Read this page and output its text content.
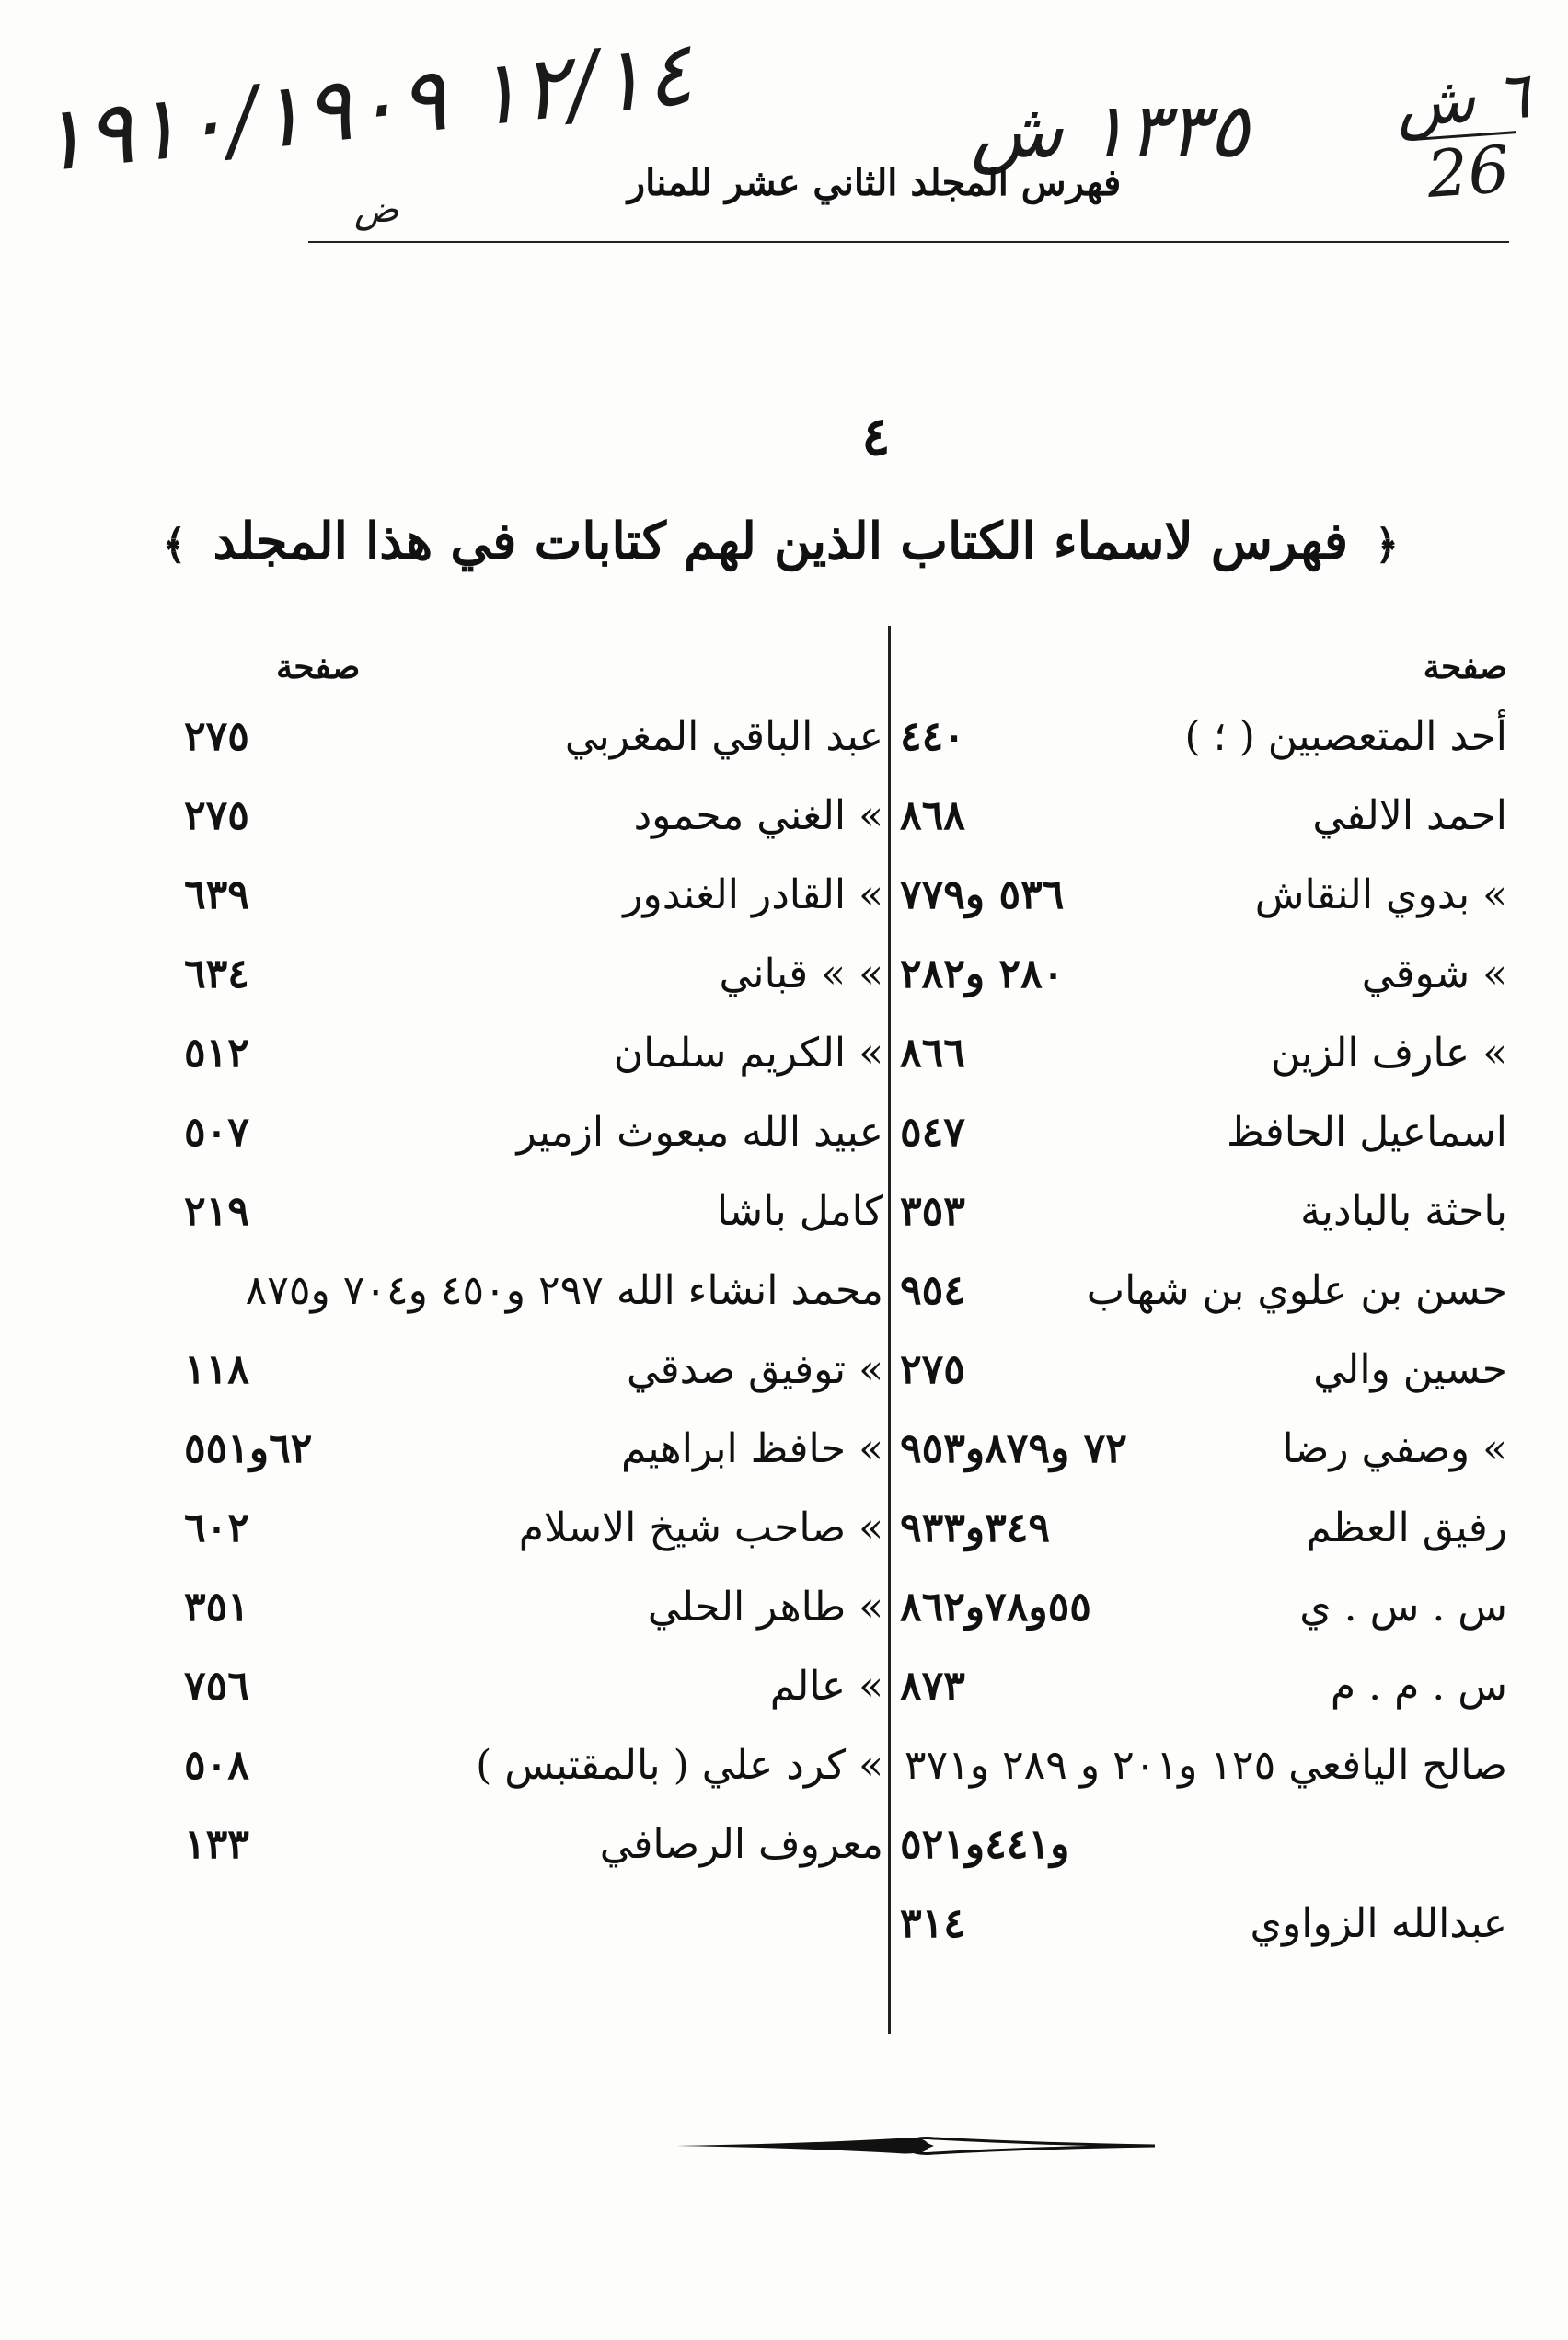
١٢/١٤ ١٩١٠/١٩٠٩	١٣٣٥ ش ٦ ش
26
ض
فهرس المجلد الثاني عشر للمنار
٤
﴿ فهرس لاسماء الكتاب الذين لهم كتابات في هذا المجلد ﴾
صفحة
أحد المتعصبين ( ؛ )
٤٤٠
احمد الالفي
٨٦٨
» بدوي النقاش
٥٣٦ و٧٧٩
» شوقي
٢٨٠ و٢٨٢
» عارف الزين
٨٦٦
اسماعيل الحافظ
٥٤٧
باحثة بالبادية
٣٥٣
حسن بن علوي بن شهاب
٩٥٤
حسين والي
٢٧٥
» وصفي رضا
٧٢ و٨٧٩و٩٥٣
رفيق العظم
٣٤٩و٩٣٣
س . س . ي
٥٥و٧٨و٨٦٢
س . م . م
٨٧٣
صالح اليافعي ١٢٥ و٢٠١ و ٢٨٩ و٣٧١
و٤٤١و٥٢١
عبدالله الزواوي
٣١٤
صفحة
عبد الباقي المغربي
٢٧٥
» الغني محمود
٢٧٥
» القادر الغندور
٦٣٩
» » قباني
٦٣٤
» الكريم سلمان
٥١٢
عبيد الله مبعوث ازمير
٥٠٧
كامل باشا
٢١٩
محمد انشاء الله ٢٩٧ و٤٥٠ و٧٠٤ و٨٧٥
» توفيق صدقي
١١٨
» حافظ ابراهيم
٦٢و٥٥١
» صاحب شيخ الاسلام
٦٠٢
» طاهر الحلي
٣٥١
» عالم
٧٥٦
» كرد علي ( بالمقتبس )
٥٠٨
معروف الرصافي
١٣٣
